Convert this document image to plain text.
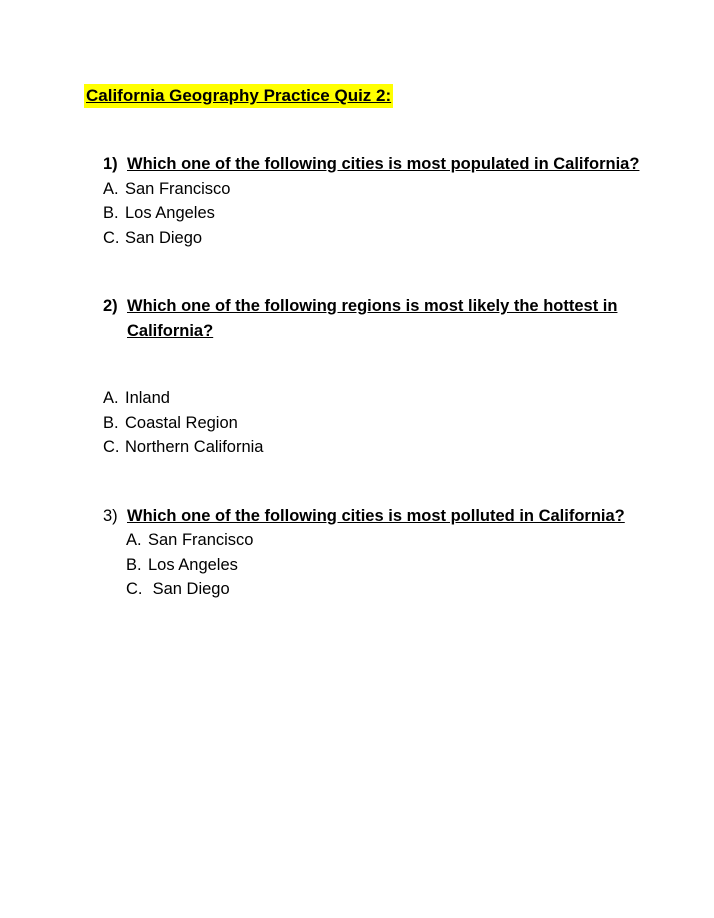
California Geography Practice Quiz 2:
1) Which one of the following cities is most populated in California?
A. San Francisco
B. Los Angeles
C. San Diego
2) Which one of the following regions is most likely the hottest in California?
A. Inland
B. Coastal Region
C. Northern California
3) Which one of the following cities is most polluted in California?
A. San Francisco
B. Los Angeles
C. San Diego
